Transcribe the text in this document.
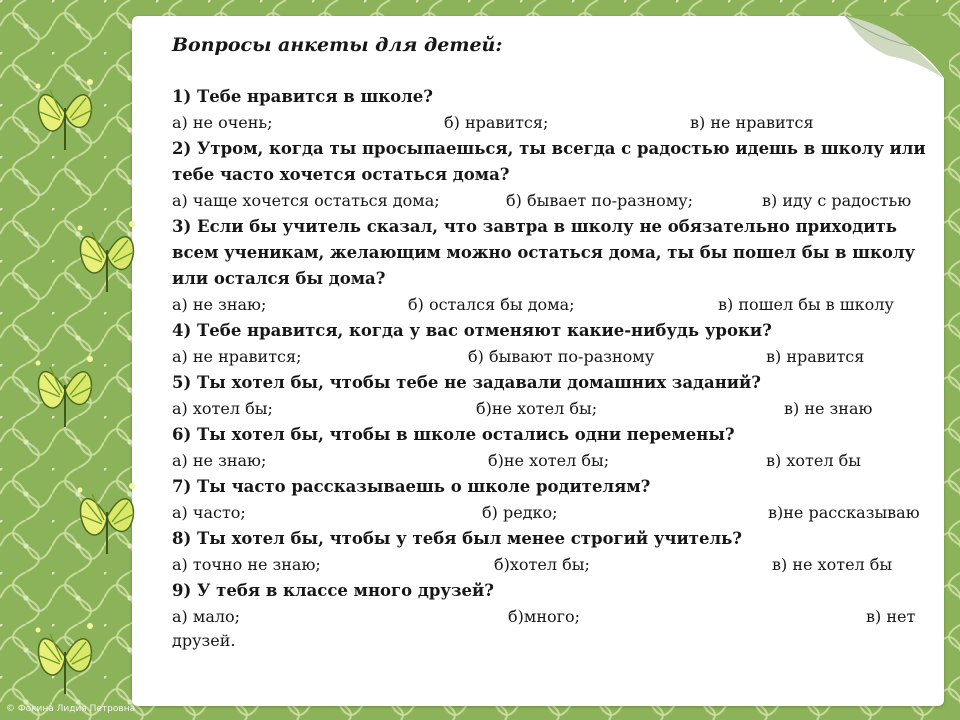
Вопросы анкеты для детей:
1) Тебе нравится в школе?
а) не очень;	б) нравится;	в) не нравится
2) Утром, когда ты просыпаешься, ты всегда с радостью идешь в школу или тебе часто хочется остаться дома?
а) чаще хочется остаться дома;	б) бывает по-разному;	в) иду с радостью
3) Если бы учитель сказал, что завтра в школу не обязательно приходить всем ученикам, желающим можно остаться дома, ты бы пошел бы в школу или остался бы дома?
а) не знаю;	б) остался бы дома;	в) пошел бы в школу
4) Тебе нравится, когда у вас отменяют какие-нибудь уроки?
а) не нравится;	б) бывают по-разному	в) нравится
5) Ты хотел бы, чтобы тебе не задавали домашних заданий?
а) хотел бы;	б)не хотел бы;	в) не знаю
6) Ты хотел бы, чтобы в школе остались одни перемены?
а) не знаю;	б)не хотел бы;	в) хотел бы
7) Ты часто рассказываешь о школе родителям?
а) часто;	б) редко;	в)не рассказываю
8) Ты хотел бы, чтобы у тебя был менее строгий учитель?
а) точно не знаю;	б)хотел бы;	в) не хотел бы
9) У тебя в классе много друзей?
а) мало;	б)много;	в) нет
друзей.
© Фокина Лидия Петровна
